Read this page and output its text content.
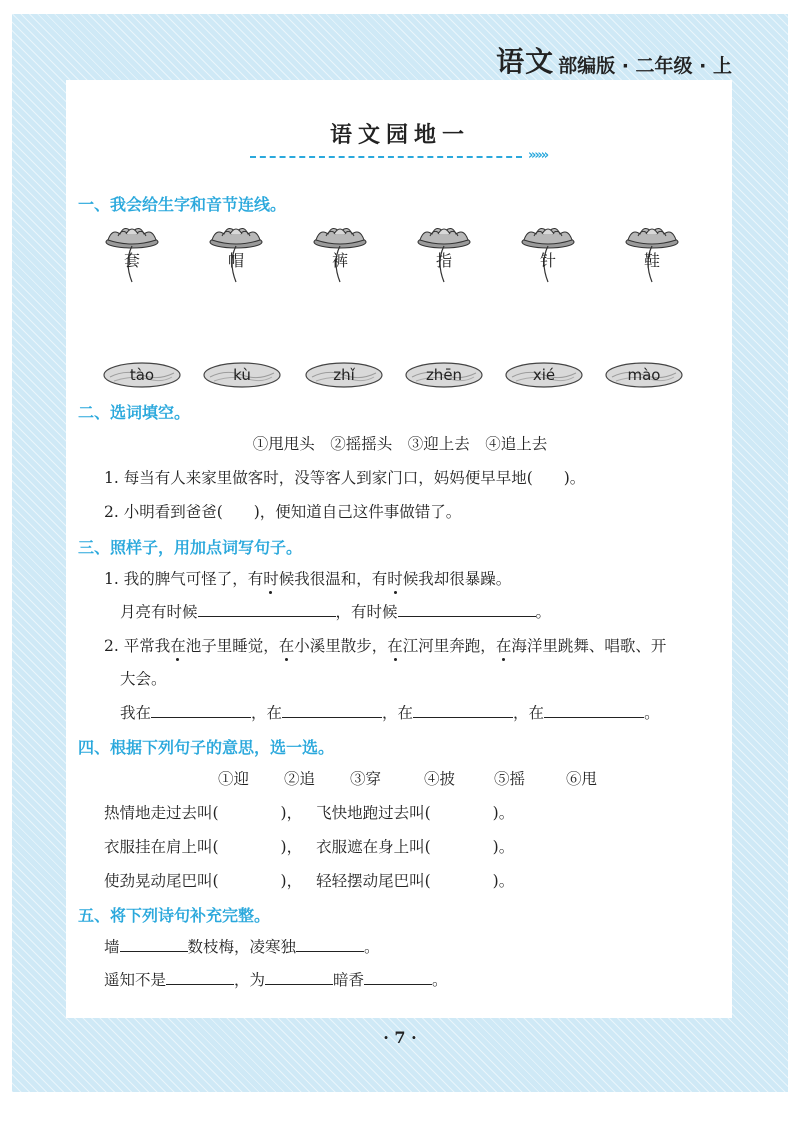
语文 部编版 · 二年级 · 上
语文园地一
»»»
一、我会给生字和音节连线。
套	帽	裤	指	针	鞋
tào	kù	zhǐ	zhēn	xié	mào
二、选词填空。
①甩甩头　②摇摇头　③迎上去　④追上去
1. 每当有人来家里做客时，没等客人到家门口，妈妈便早早地(　　)。
2. 小明看到爸爸(　　)，便知道自己这件事做错了。
三、照样子，用加点词写句子。
1. 我的脾气可怪了，有时候我很温和，有时候我却很暴躁。
月亮有时候	，有时候	。
2. 平常我在池子里睡觉，在小溪里散步，在江河里奔跑，在海洋里跳舞、唱歌、开
大会。
我在	，在	，在	，在	。
四、根据下列句子的意思，选一选。
①迎 ②追 ③穿	④披	⑤摇	⑥甩
热情地走过去叫(　　　　)， 飞快地跑过去叫(　　　　)。
衣服挂在肩上叫(　　　　)， 衣服遮在身上叫(　　　　)。
使劲晃动尾巴叫(　　　　)， 轻轻摆动尾巴叫(　　　　)。
五、将下列诗句补充完整。
墙	数枝梅，凌寒独	。
遥知不是	，为	暗香	。
· 7 ·
